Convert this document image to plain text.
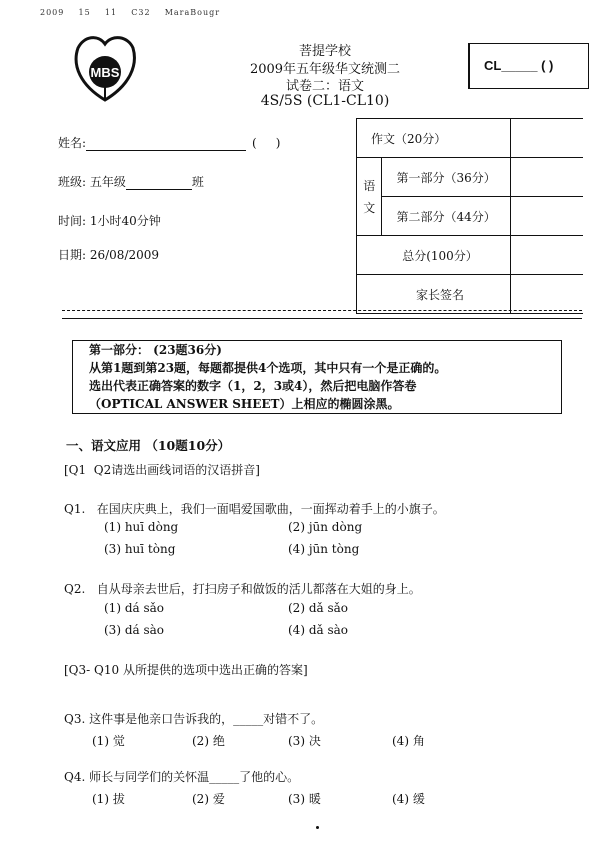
2009    15    11    C32    MaraBougr
MBS
菩提学校
2009年五年级华文统测二
试卷二：语文
4S/5S (CL1-CL10)
CL_____ ( )
姓名:	(     )
班级: 五年级	班
时间: 1小时40分钟
日期: 26/08/2009
作文（20分）		
语文	第一部分（36分）	
	第二部分（44分）	
总分(100分）		
家长签名		
第一部分： (23题36分)
从第1题到第23题，每题都提供4个选项，其中只有一个是正确的。
选出代表正确答案的数字（1，2，3或4），然后把电脑作答卷
（OPTICAL ANSWER SHEET）上相应的椭圆涂黑。
一、语文应用 （10题10分）
[Q1  Q2请选出画线词语的汉语拼音]
Q1. 在国庆庆典上，我们一面唱爱国歌曲，一面挥动着手上的小旗子。
(1) huī dòng	(2) jūn dòng
(3) huī tòng	(4) jūn tòng
Q2. 自从母亲去世后，打扫房子和做饭的活儿都落在大姐的身上。
(1) dá sǎo	(2) dǎ sǎo
(3) dá sào	(4) dǎ sào
[Q3- Q10 从所提供的选项中选出正确的答案]
Q3. 这件事是他亲口告诉我的，_____对错不了。
(1) 觉	(2) 绝	(3) 决	(4) 角
Q4. 师长与同学们的关怀温_____了他的心。
(1) 拔	(2) 爱	(3) 暖	(4) 缓
